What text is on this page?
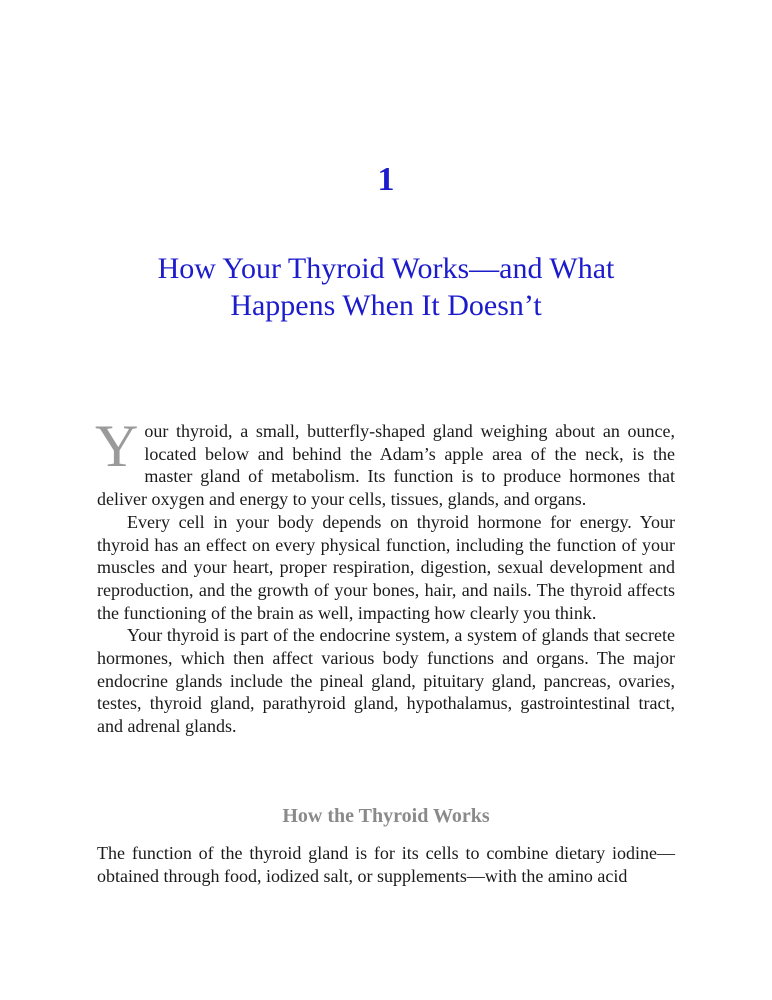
1
How Your Thyroid Works—and What
Happens When It Doesn’t

Your thyroid, a small, butterfly-shaped gland weighing about an ounce, located below and behind the Adam’s apple area of the neck, is the master gland of metabolism. Its function is to produce hormones that deliver oxygen and energy to your cells, tissues, glands, and organs.

Every cell in your body depends on thyroid hormone for energy. Your thyroid has an effect on every physical function, including the function of your muscles and your heart, proper respiration, digestion, sexual development and reproduction, and the growth of your bones, hair, and nails. The thyroid affects the functioning of the brain as well, impacting how clearly you think.

Your thyroid is part of the endocrine system, a system of glands that secrete hormones, which then affect various body functions and organs. The major endocrine glands include the pineal gland, pituitary gland, pancreas, ovaries, testes, thyroid gland, parathyroid gland, hypothalamus, gastrointestinal tract, and adrenal glands.

How the Thyroid Works

The function of the thyroid gland is for its cells to combine dietary iodine—obtained through food, iodized salt, or supplements—with the amino acid
